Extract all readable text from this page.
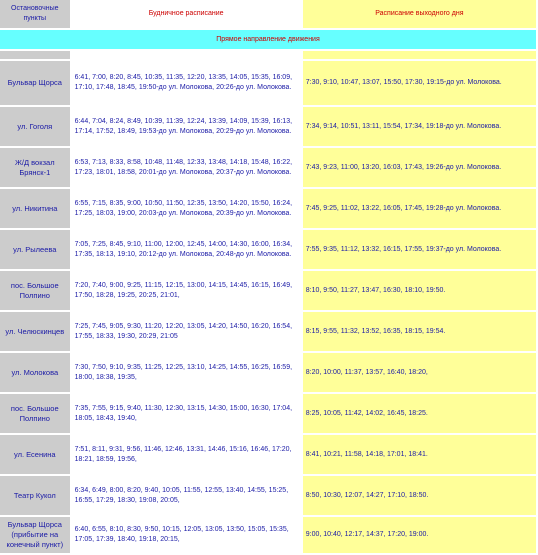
Остановочные пункты	Будничное расписание	Расписание выходного дня
Прямое направление движения		

Бульвар Щорса	6:41, 7:00, 8:20, 8:45, 10:35, 11:35, 12:20, 13:35, 14:05, 15:35, 16:09, 17:10, 17:48, 18:45, 19:50-до ул. Молокова, 20:26-до ул. Молокова.	7:30, 9:10, 10:47, 13:07, 15:50, 17:30, 19:15-до ул. Молокова.
ул. Гоголя	6:44, 7:04, 8:24, 8:49, 10:39, 11:39, 12:24, 13:39, 14:09, 15:39, 16:13, 17:14, 17:52, 18:49, 19:53-до ул. Молокова, 20:29-до ул. Молокова.	7:34, 9:14, 10:51, 13:11, 15:54, 17:34, 19:18-до ул. Молокова.
Ж/Д вокзал Брянск-1	6:53, 7:13, 8:33, 8:58, 10:48, 11:48, 12:33, 13:48, 14:18, 15:48, 16:22, 17:23, 18:01, 18:58, 20:01-до ул. Молокова, 20:37-до ул. Молокова.	7:43, 9:23, 11:00, 13:20, 16:03, 17:43, 19:26-до ул. Молокова.
ул. Никитина	6:55, 7:15, 8:35, 9:00, 10:50, 11:50, 12:35, 13:50, 14:20, 15:50, 16:24, 17:25, 18:03, 19:00, 20:03-до ул. Молокова, 20:39-до ул. Молокова.	7:45, 9:25, 11:02, 13:22, 16:05, 17:45, 19:28-до ул. Молокова.
ул. Рылеева	7:05, 7:25, 8:45, 9:10, 11:00, 12:00, 12:45, 14:00, 14:30, 16:00, 16:34, 17:35, 18:13, 19:10, 20:12-до ул. Молокова, 20:48-до ул. Молокова.	7:55, 9:35, 11:12, 13:32, 16:15, 17:55, 19:37-до ул. Молокова.
пос. Большое Полпино	7:20, 7:40, 9:00, 9:25, 11:15, 12:15, 13:00, 14:15, 14:45, 16:15, 16:49, 17:50, 18:28, 19:25, 20:25, 21:01,	8:10, 9:50, 11:27, 13:47, 16:30, 18:10, 19:50.
ул. Челюскинцев	7:25, 7:45, 9:05, 9:30, 11:20, 12:20, 13:05, 14:20, 14:50, 16:20, 16:54, 17:55, 18:33, 19:30, 20:29, 21:05	8:15, 9:55, 11:32, 13:52, 16:35, 18:15, 19:54.
ул. Молокова	7:30, 7:50, 9:10, 9:35, 11:25, 12:25, 13:10, 14:25, 14:55, 16:25, 16:59, 18:00, 18:38, 19:35,	8:20, 10:00, 11:37, 13:57, 16:40, 18:20,
пос. Большое Полпино	7:35, 7:55, 9:15, 9:40, 11:30, 12:30, 13:15, 14:30, 15:00, 16:30, 17:04, 18:05, 18:43, 19:40,	8:25, 10:05, 11:42, 14:02, 16:45, 18:25.
ул. Есенина	7:51, 8:11, 9:31, 9:56, 11:46, 12:46, 13:31, 14:46, 15:16, 16:46, 17:20, 18:21, 18:59, 19:56,	8:41, 10:21, 11:58, 14:18, 17:01, 18:41.
Театр Кукол	6:34, 6:49, 8:00, 8:20, 9:40, 10:05, 11:55, 12:55, 13:40, 14:55, 15:25, 16:55, 17:29, 18:30, 19:08, 20:05,	8:50, 10:30, 12:07, 14:27, 17:10, 18:50.
Бульвар Щорса (прибытие на конечный пункт)	6:40, 6:55, 8:10, 8:30, 9:50, 10:15, 12:05, 13:05, 13:50, 15:05, 15:35, 17:05, 17:39, 18:40, 19:18, 20:15,	9:00, 10:40, 12:17, 14:37, 17:20, 19:00.
